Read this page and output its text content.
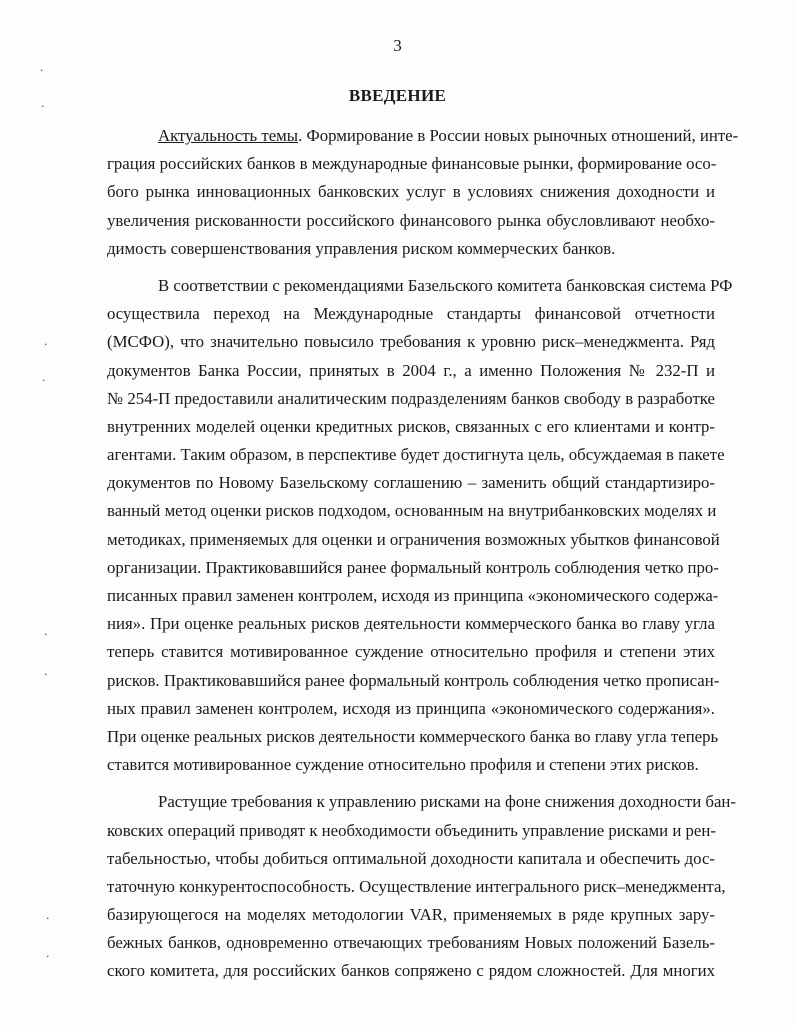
3
ВВЕДЕНИЕ
·
·
·
·
·
·
·
·
Актуальность темы. Формирование в России новых рыночных отношений, инте-
грация российских банков в международные финансовые рынки, формирование осо-
бого рынка инновационных банковских услуг в условиях снижения доходности и
увеличения рискованности российского финансового рынка обусловливают необхо-
димость совершенствования управления риском коммерческих банков.
В соответствии с рекомендациями Базельского комитета банковская система РФ
осуществила переход на Международные стандарты финансовой отчетности
(МСФО), что значительно повысило требования к уровню риск–менеджмента. Ряд
документов Банка России, принятых в 2004 г., а именно Положения № 232-П и
№ 254-П предоставили аналитическим подразделениям банков свободу в разработке
внутренних моделей оценки кредитных рисков, связанных с его клиентами и контр-
агентами. Таким образом, в перспективе будет достигнута цель, обсуждаемая в пакете
документов по Новому Базельскому соглашению – заменить общий стандартизиро-
ванный метод оценки рисков подходом, основанным на внутрибанковских моделях и
методиках, применяемых для оценки и ограничения возможных убытков финансовой
организации. Практиковавшийся ранее формальный контроль соблюдения четко про-
писанных правил заменен контролем, исходя из принципа «экономического содержа-
ния». При оценке реальных рисков деятельности коммерческого банка во главу угла
теперь ставится мотивированное суждение относительно профиля и степени этих
рисков. Практиковавшийся ранее формальный контроль соблюдения четко прописан-
ных правил заменен контролем, исходя из принципа «экономического содержания».
При оценке реальных рисков деятельности коммерческого банка во главу угла теперь
ставится мотивированное суждение относительно профиля и степени этих рисков.
Растущие требования к управлению рисками на фоне снижения доходности бан-
ковских операций приводят к необходимости объединить управление рисками и рен-
табельностью, чтобы добиться оптимальной доходности капитала и обеспечить дос-
таточную конкурентоспособность. Осуществление интегрального риск–менеджмента,
базирующегося на моделях методологии VAR, применяемых в ряде крупных зару-
бежных банков, одновременно отвечающих требованиям Новых положений Базель-
ского комитета, для российских банков сопряжено с рядом сложностей. Для многих
